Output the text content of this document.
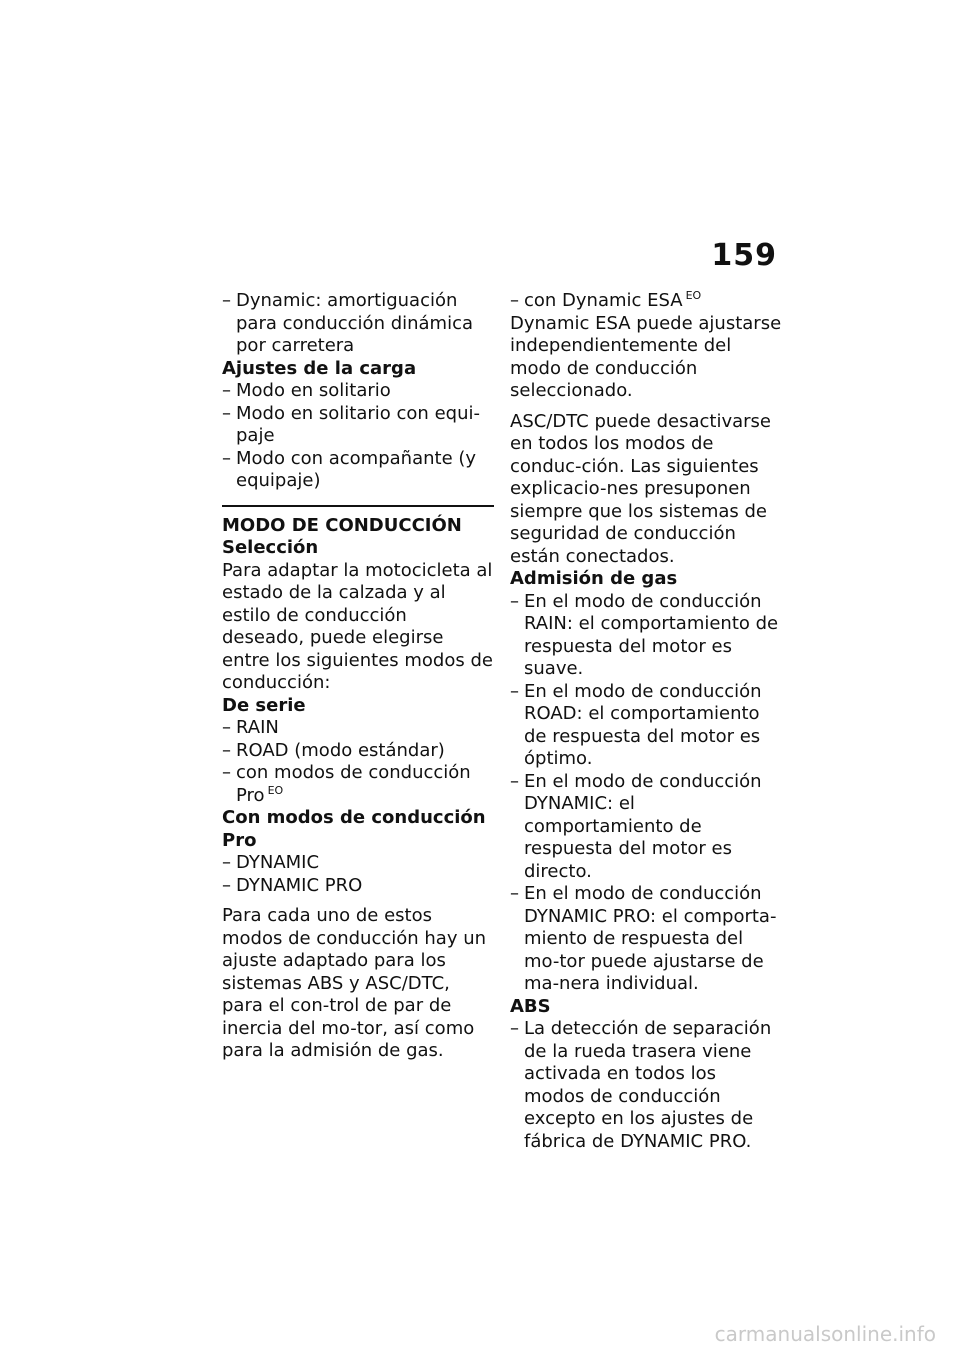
159

– Dynamic: amortiguación para conducción dinámica por carretera

Ajustes de la carga

– Modo en solitario

– Modo en solitario con equi-paje

– Modo con acompañante (y equipaje)

MODO DE CONDUCCIÓN

Selección

Para adaptar la motocicleta al estado de la calzada y al estilo de conducción deseado, puede elegirse entre los siguientes modos de conducción:

De serie

– RAIN

– ROAD (modo estándar)

– con modos de conducción Pro $^{EO}$

Con modos de conducción Pro

– DYNAMIC

– DYNAMIC PRO

Para cada uno de estos modos de conducción hay un ajuste adaptado para los sistemas ABS y ASC/DTC, para el con-trol de par de inercia del mo-tor, así como para la admisión de gas.

– con Dynamic ESA $^{EO}$

Dynamic ESA puede ajustarse independientemente del modo de conducción seleccionado.

ASC/DTC puede desactivarse en todos los modos de conduc-ción. Las siguientes explicacio-nes presuponen siempre que los sistemas de seguridad de conducción están conectados.

Admisión de gas

– En el modo de conducción RAIN: el comportamiento de respuesta del motor es suave.

– En el modo de conducción ROAD: el comportamiento de respuesta del motor es óptimo.

– En el modo de conducción DYNAMIC: el comportamiento de respuesta del motor es directo.

– En el modo de conducción DYNAMIC PRO: el comporta-miento de respuesta del mo-tor puede ajustarse de ma-nera individual.

ABS

– La detección de separación de la rueda trasera viene activada en todos los modos de conducción excepto en los ajustes de fábrica de DYNAMIC PRO.

carmanualsonline.info
